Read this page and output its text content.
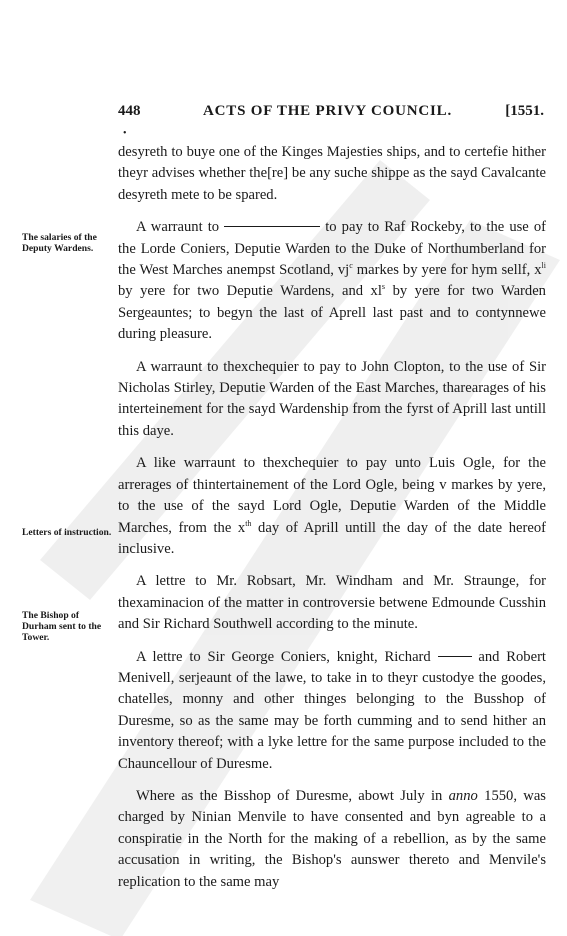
448	ACTS OF THE PRIVY COUNCIL.	[1551.
•
The salaries of the Deputy Wardens.
Letters of instruction.
The Bishop of Durham sent to the Tower.

desyreth to buye one of the Kinges Majesties ships, and to certefie hither theyr advises whether the[re] be any suche shippe as the sayd Cavalcante desyreth mete to be spared.

A warraunt to	to pay to Raf Rockeby, to the use of the Lorde Coniers, Deputie Warden to the Duke of Northumberland for the West Marches anempst Scotland, $vj^c$ markes by yere for hym sellf, $x^{li}$ by yere for two Deputie Wardens, and $xl^s$ by yere for two Warden Sergeauntes; to begyn the last of Aprell last past and to contynnewe during pleasure.

A warraunt to thexchequier to pay to John Clopton, to the use of Sir Nicholas Stirley, Deputie Warden of the East Marches, tharearages of his interteinement for the sayd Wardenship from the fyrst of Aprill last untill this daye.

A like warraunt to thexchequier to pay unto Luis Ogle, for the arrerages of thintertainement of the Lord Ogle, being v markes by yere, to the use of the sayd Lord Ogle, Deputie Warden of the Middle Marches, from the $x^{th}$ day of Aprill untill the day of the date hereof inclusive.

A lettre to Mr. Robsart, Mr. Windham and Mr. Straunge, for thexaminacion of the matter in controversie betwene Edmounde Cusshin and Sir Richard Southwell according to the minute.

A lettre to Sir George Coniers, knight, Richard	and Robert Menivell, serjeaunt of the lawe, to take in to theyr custodye the goodes, chatelles, monny and other thinges belonging to the Busshop of Duresme, so as the same may be forth cumming and to send hither an inventory thereof; with a lyke lettre for the same purpose included to the Chauncellour of Duresme.

Where as the Bisshop of Duresme, abowt July in anno 1550, was charged by Ninian Menvile to have consented and byn agreable to a conspiratie in the North for the making of a rebellion, as by the same accusation in writing, the Bishop's aunswer thereto and Menvile's replication to the same may
